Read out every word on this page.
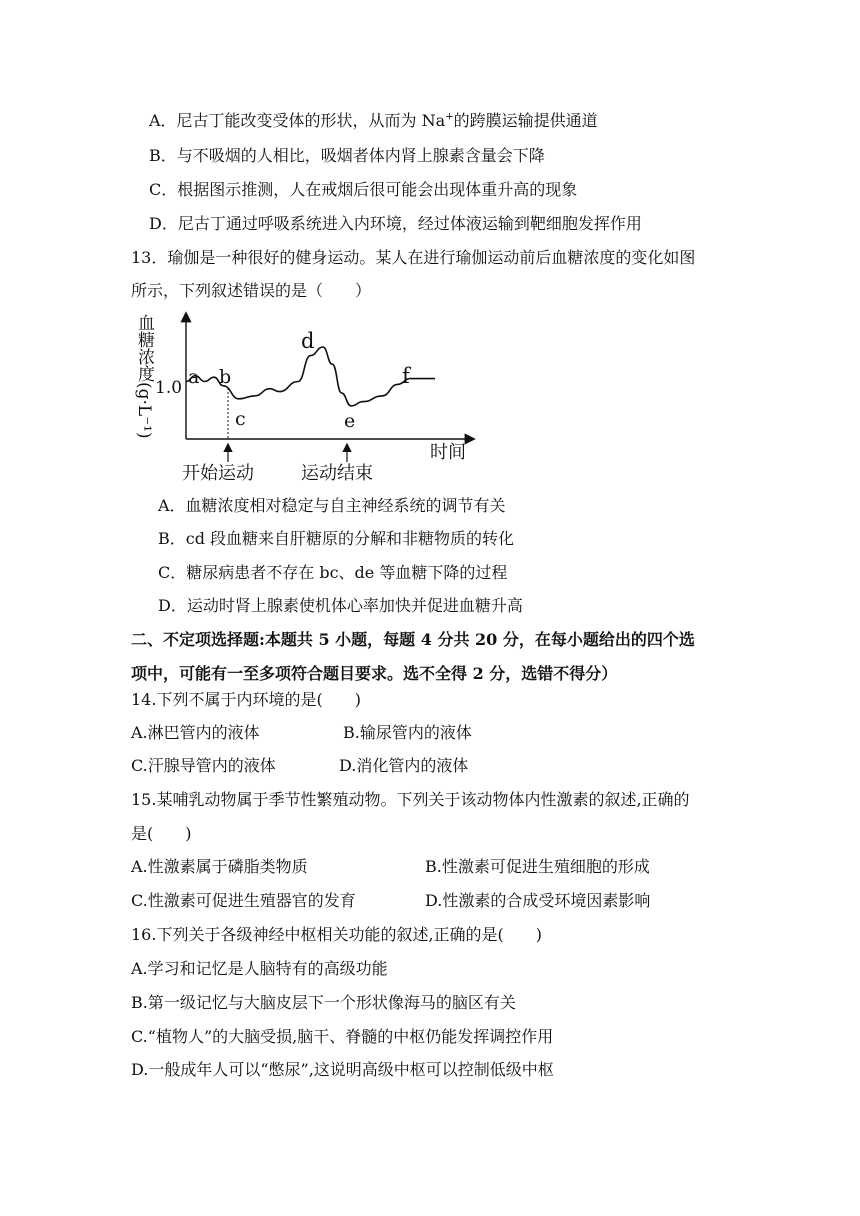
A．尼古丁能改变受体的形状，从而为 Na+的跨膜运输提供通道
B．与不吸烟的人相比，吸烟者体内肾上腺素含量会下降
C．根据图示推测，人在戒烟后很可能会出现体重升高的现象
D．尼古丁通过呼吸系统进入内环境，经过体液运输到靶细胞发挥作用
13．瑜伽是一种很好的健身运动。某人在进行瑜伽运动前后血糖浓度的变化如图
所示，下列叙述错误的是（　　）
血糖浓度(g·L⁻¹) 1.0
时间
a b
c
d
e
f
开始运动	运动结束
A．血糖浓度相对稳定与自主神经系统的调节有关
B．cd 段血糖来自肝糖原的分解和非糖物质的转化
C．糖尿病患者不存在 bc、de 等血糖下降的过程
D．运动时肾上腺素使机体心率加快并促进血糖升高
二、不定项选择题:本题共 5 小题，每题 4 分共 20 分，在每小题给出的四个选
项中，可能有一至多项符合题目要求。选不全得 2 分，选错不得分）
14.下列不属于内环境的是(　　)
A.淋巴管内的液体	B.输尿管内的液体
C.汗腺导管内的液体	D.消化管内的液体
15.某哺乳动物属于季节性繁殖动物。下列关于该动物体内性激素的叙述,正确的
是(　　)
A.性激素属于磷脂类物质	B.性激素可促进生殖细胞的形成
C.性激素可促进生殖器官的发育	D.性激素的合成受环境因素影响
16.下列关于各级神经中枢相关功能的叙述,正确的是(　　)
A.学习和记忆是人脑特有的高级功能
B.第一级记忆与大脑皮层下一个形状像海马的脑区有关
C.“植物人”的大脑受损,脑干、脊髓的中枢仍能发挥调控作用
D.一般成年人可以“憋尿”,这说明高级中枢可以控制低级中枢
